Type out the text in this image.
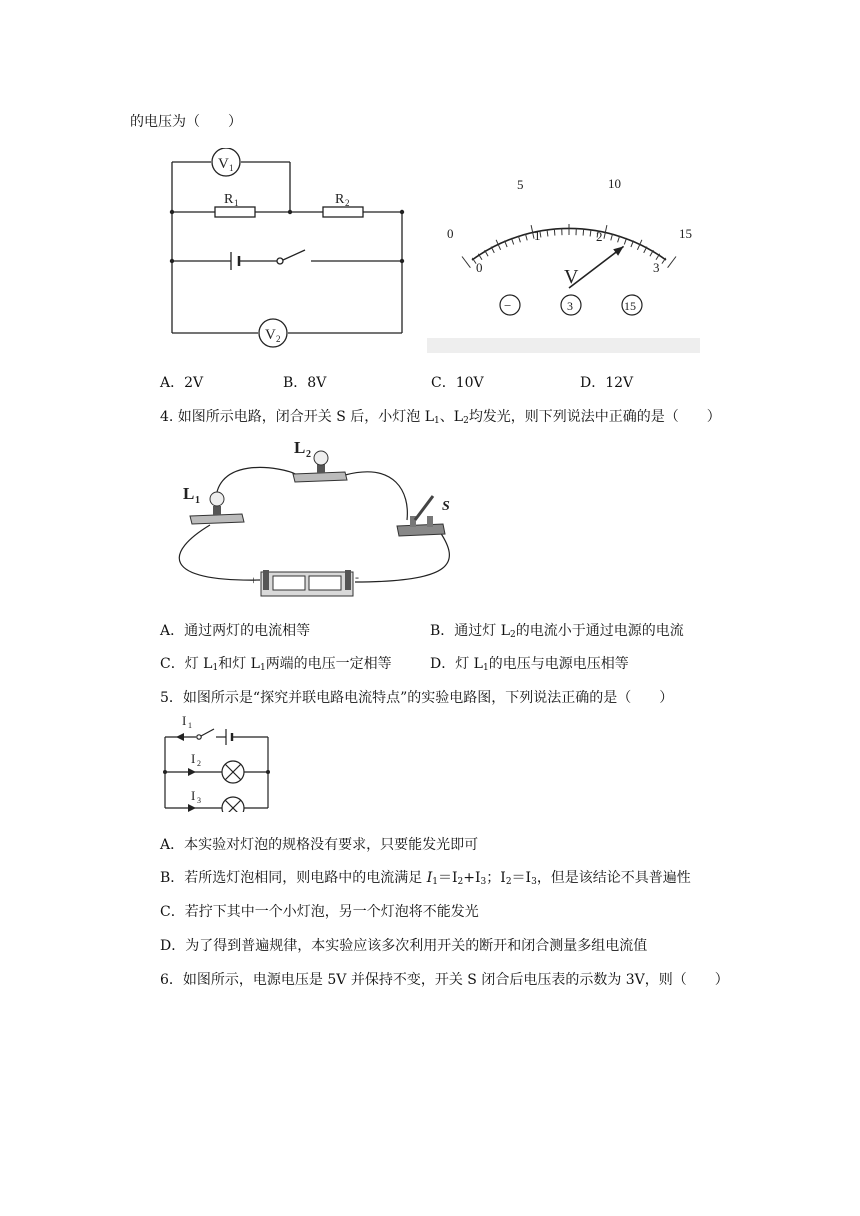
的电压为（　　）
V 1
R 1	R 2
V 2
0
5	10
15
0
1	2
3
V
−	3	15
A．2V	B．8V	C．10V	D．12V
4. 如图所示电路，闭合开关 S 后，小灯泡 $L_1$、$L_2$均发光，则下列说法中正确的是（　　）
L 2
L 1	S
+	-
A．通过两灯的电流相等	B．通过灯 $L_2$的电流小于通过电源的电流
C．灯 $L_1$和灯 $L_1$两端的电压一定相等	D．灯 $L_1$的电压与电源电压相等
5．如图所示是“探究并联电路电流特点”的实验电路图，下列说法正确的是（　　）
I 1
I 2
I 3
A．本实验对灯泡的规格没有要求，只要能发光即可
B．若所选灯泡相同，则电路中的电流满足 $I_1=I_2+I_3$；$I_2=I_3$，但是该结论不具普遍性
C．若拧下其中一个小灯泡，另一个灯泡将不能发光
D．为了得到普遍规律，本实验应该多次利用开关的断开和闭合测量多组电流值
6．如图所示，电源电压是 5V 并保持不变，开关 S 闭合后电压表的示数为 3V，则（　　）
